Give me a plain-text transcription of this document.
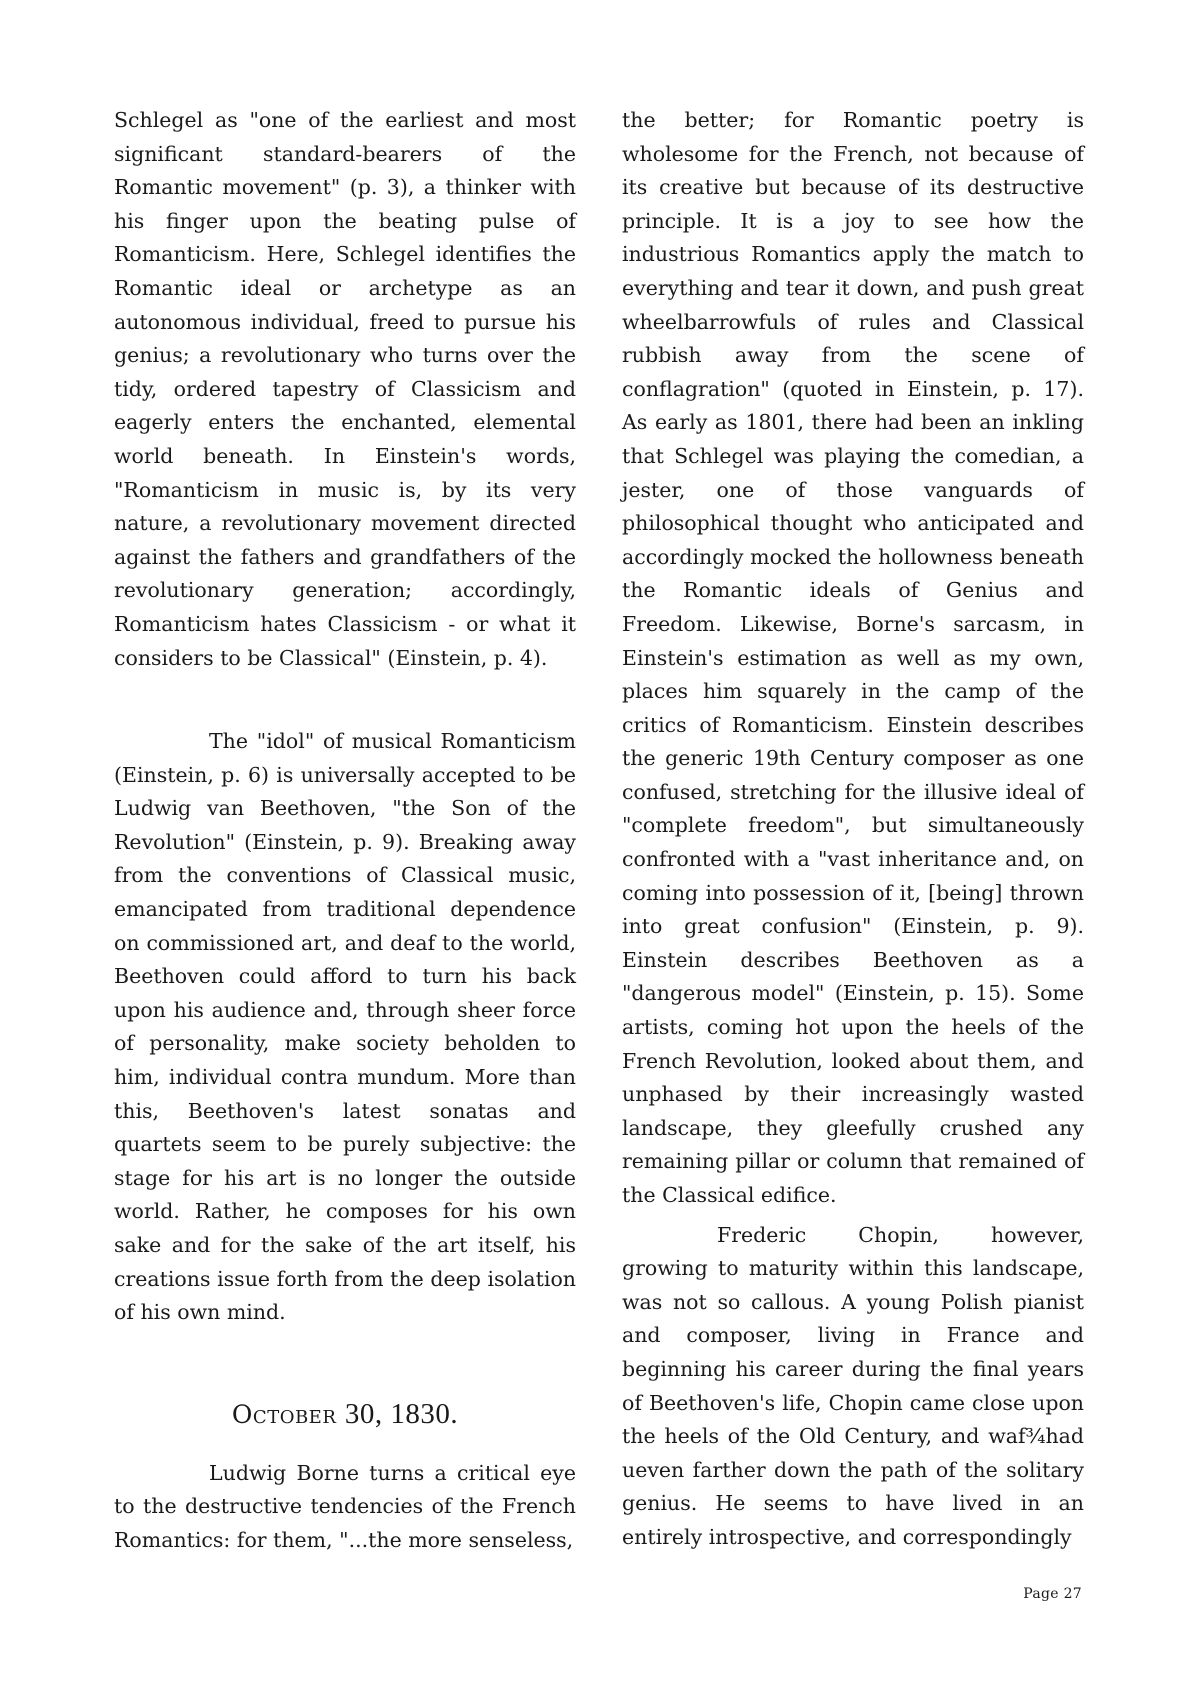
Schlegel as "one of the earliest and most significant standard-bearers of the Romantic movement" (p. 3), a thinker with his finger upon the beating pulse of Romanticism. Here, Schlegel identifies the Romantic ideal or archetype as an autonomous individual, freed to pursue his genius; a revolutionary who turns over the tidy, ordered tapestry of Classicism and eagerly enters the enchanted, elemental world beneath. In Einstein's words, "Romanticism in music is, by its very nature, a revolutionary movement directed against the fathers and grandfathers of the revolutionary generation; accordingly, Romanticism hates Classicism - or what it considers to be Classical" (Einstein, p. 4).

The "idol" of musical Romanticism (Einstein, p. 6) is universally accepted to be Ludwig van Beethoven, "the Son of the Revolution" (Einstein, p. 9). Breaking away from the conventions of Classical music, emancipated from traditional dependence on commissioned art, and deaf to the world, Beethoven could afford to turn his back upon his audience and, through sheer force of personality, make society beholden to him, individual contra mundum. More than this, Beethoven's latest sonatas and quartets seem to be purely subjective: the stage for his art is no longer the outside world. Rather, he composes for his own sake and for the sake of the art itself, his creations issue forth from the deep isolation of his own mind.

October 30, 1830.

Ludwig Borne turns a critical eye to the destructive tendencies of the French Romantics: for them, "...the more senseless,

the better; for Romantic poetry is wholesome for the French, not because of its creative but because of its destructive principle. It is a joy to see how the industrious Romantics apply the match to everything and tear it down, and push great wheelbarrowfuls of rules and Classical rubbish away from the scene of conflagration" (quoted in Einstein, p. 17). As early as 1801, there had been an inkling that Schlegel was playing the comedian, a jester, one of those vanguards of philosophical thought who anticipated and accordingly mocked the hollowness beneath the Romantic ideals of Genius and Freedom. Likewise, Borne's sarcasm, in Einstein's estimation as well as my own, places him squarely in the camp of the critics of Romanticism. Einstein describes the generic 19th Century composer as one confused, stretching for the illusive ideal of "complete freedom", but simultaneously confronted with a "vast inheritance and, on coming into possession of it, [being] thrown into great confusion" (Einstein, p. 9). Einstein describes Beethoven as a "dangerous model" (Einstein, p. 15). Some artists, coming hot upon the heels of the French Revolution, looked about them, and unphased by their increasingly wasted landscape, they gleefully crushed any remaining pillar or column that remained of the Classical edifice.

Frederic Chopin, however, growing to maturity within this landscape, was not so callous. A young Polish pianist and composer, living in France and beginning his career during the final years of Beethoven's life, Chopin came close upon the heels of the Old Century, and waf¾had ueven farther down the path of the solitary genius. He seems to have lived in an entirely introspective, and correspondingly

Page 27
